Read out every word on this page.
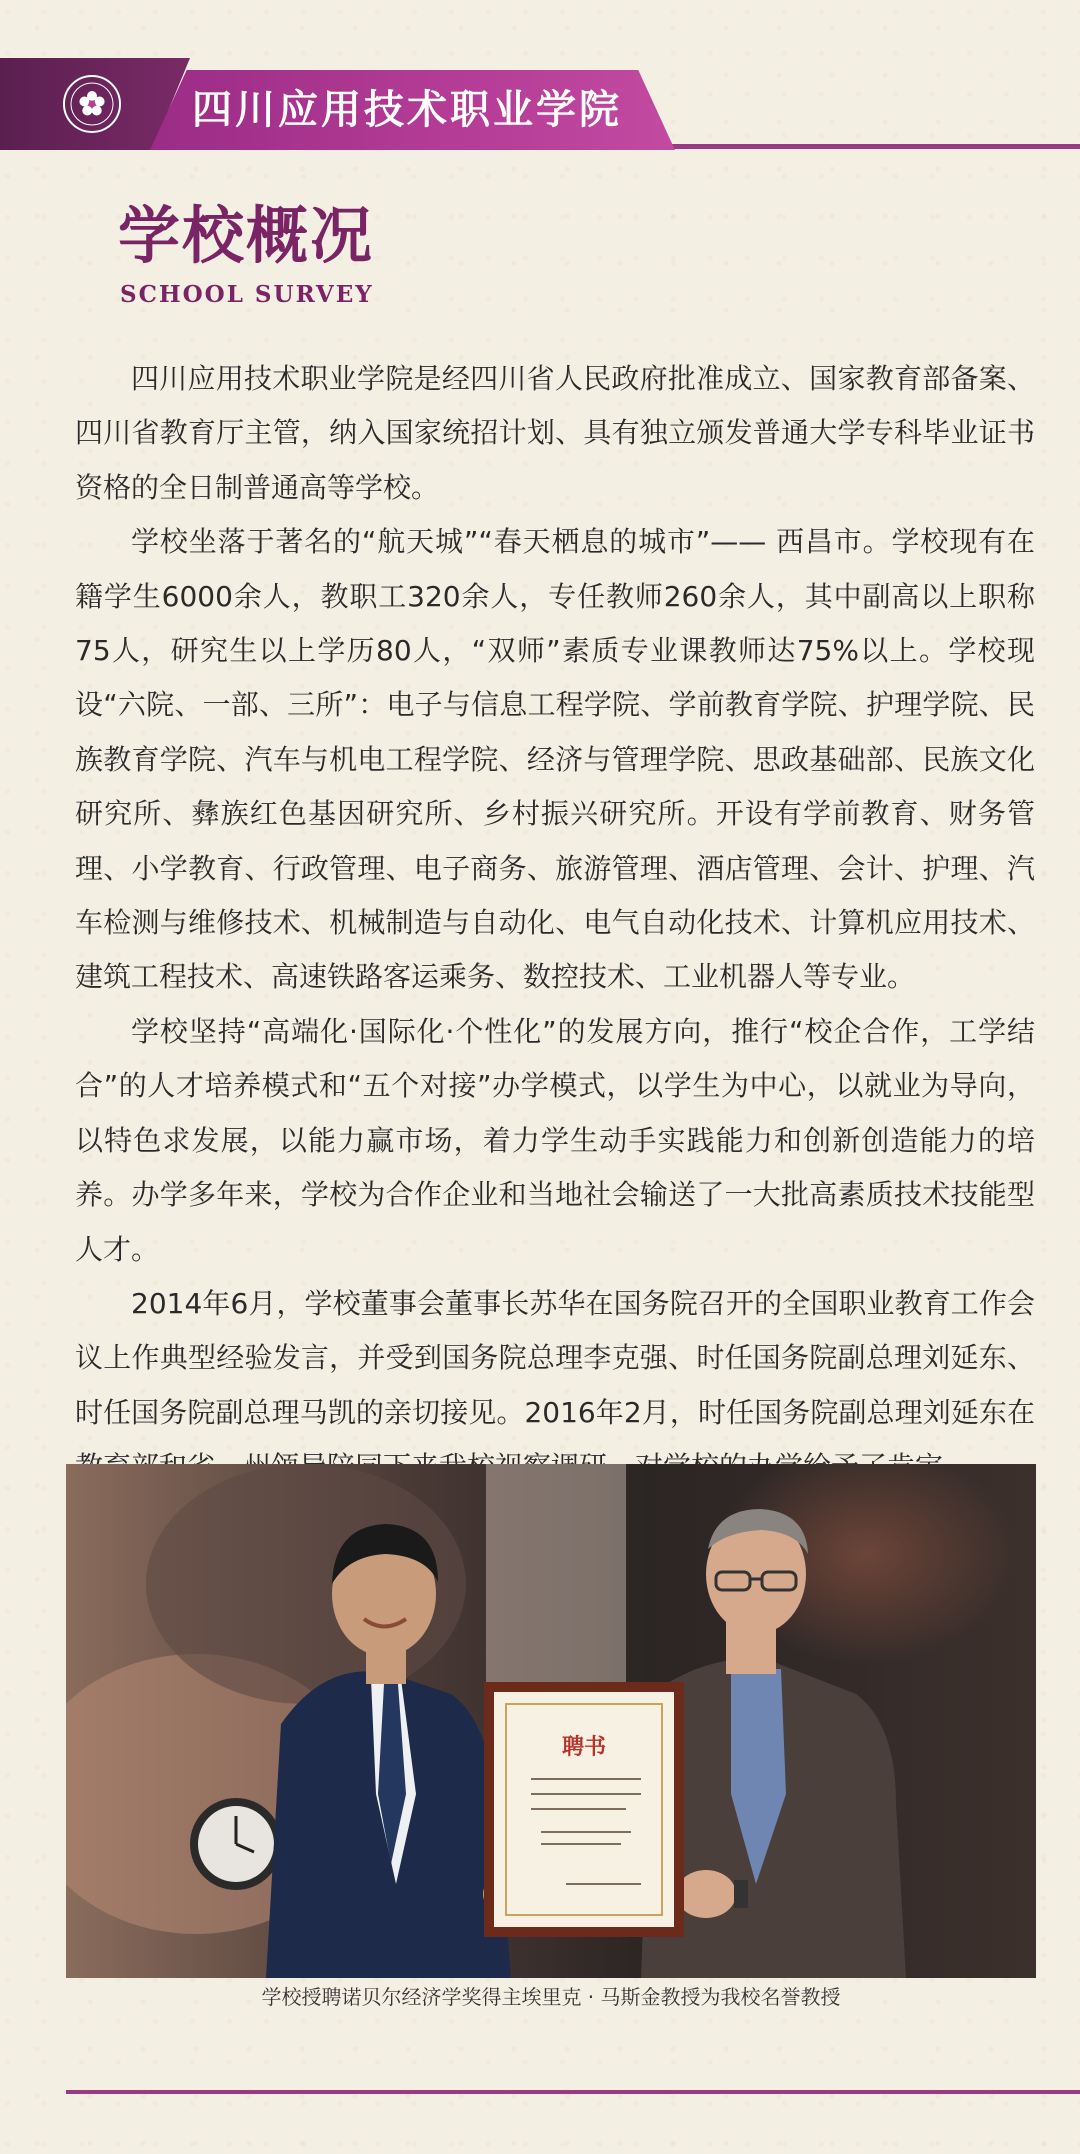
四川应用技术职业学院
学校概况
SCHOOL SURVEY

四川应用技术职业学院是经四川省人民政府批准成立、国家教育部备案、四川省教育厅主管，纳入国家统招计划、具有独立颁发普通大学专科毕业证书资格的全日制普通高等学校。

学校坐落于著名的“航天城”“春天栖息的城市”—— 西昌市。学校现有在籍学生6000余人，教职工320余人，专任教师260余人，其中副高以上职称75人，研究生以上学历80人，“双师”素质专业课教师达75%以上。学校现设“六院、一部、三所”：电子与信息工程学院、学前教育学院、护理学院、民族教育学院、汽车与机电工程学院、经济与管理学院、思政基础部、民族文化研究所、彝族红色基因研究所、乡村振兴研究所。开设有学前教育、财务管理、小学教育、行政管理、电子商务、旅游管理、酒店管理、会计、护理、汽车检测与维修技术、机械制造与自动化、电气自动化技术、计算机应用技术、建筑工程技术、高速铁路客运乘务、数控技术、工业机器人等专业。

学校坚持“高端化·国际化·个性化”的发展方向，推行“校企合作，工学结合”的人才培养模式和“五个对接”办学模式，以学生为中心，以就业为导向，以特色求发展，以能力赢市场，着力学生动手实践能力和创新创造能力的培养。办学多年来，学校为合作企业和当地社会输送了一大批高素质技术技能型人才。

2014年6月，学校董事会董事长苏华在国务院召开的全国职业教育工作会议上作典型经验发言，并受到国务院总理李克强、时任国务院副总理刘延东、时任国务院副总理马凯的亲切接见。2016年2月，时任国务院副总理刘延东在

聘书
学校授聘诺贝尔经济学奖得主埃里克 · 马斯金教授为我校名誉教授
